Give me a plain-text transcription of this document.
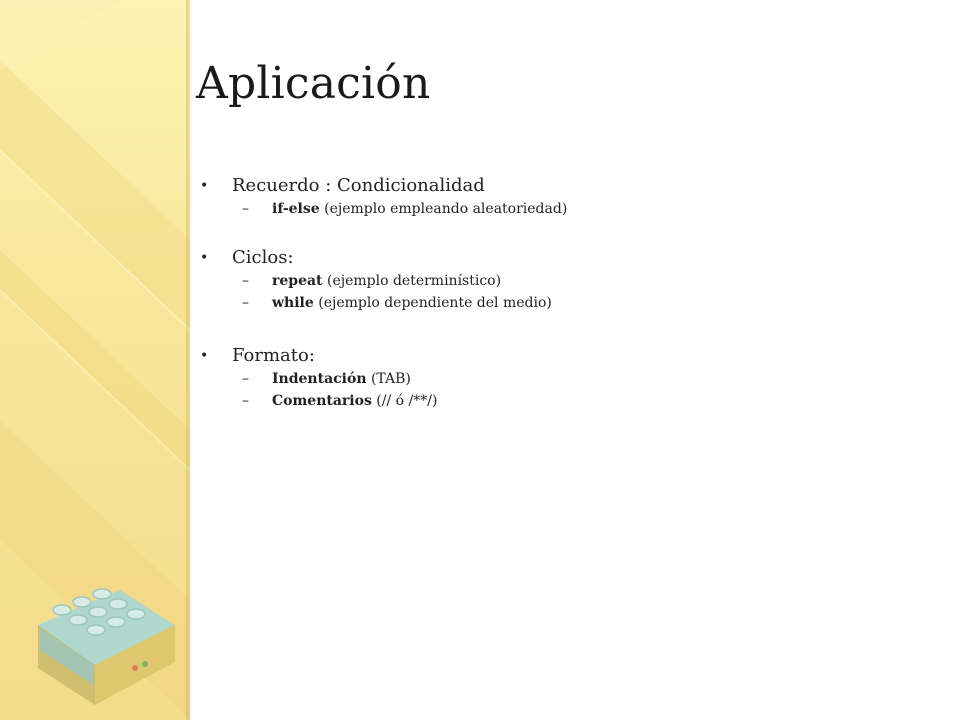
Aplicación
• Recuerdo : Condicionalidad
– if-else (ejemplo empleando aleatoriedad)
• Ciclos:
– repeat (ejemplo determinístico)
– while (ejemplo dependiente del medio)
• Formato:
– Indentación (TAB)
– Comentarios (// ó /**/)
